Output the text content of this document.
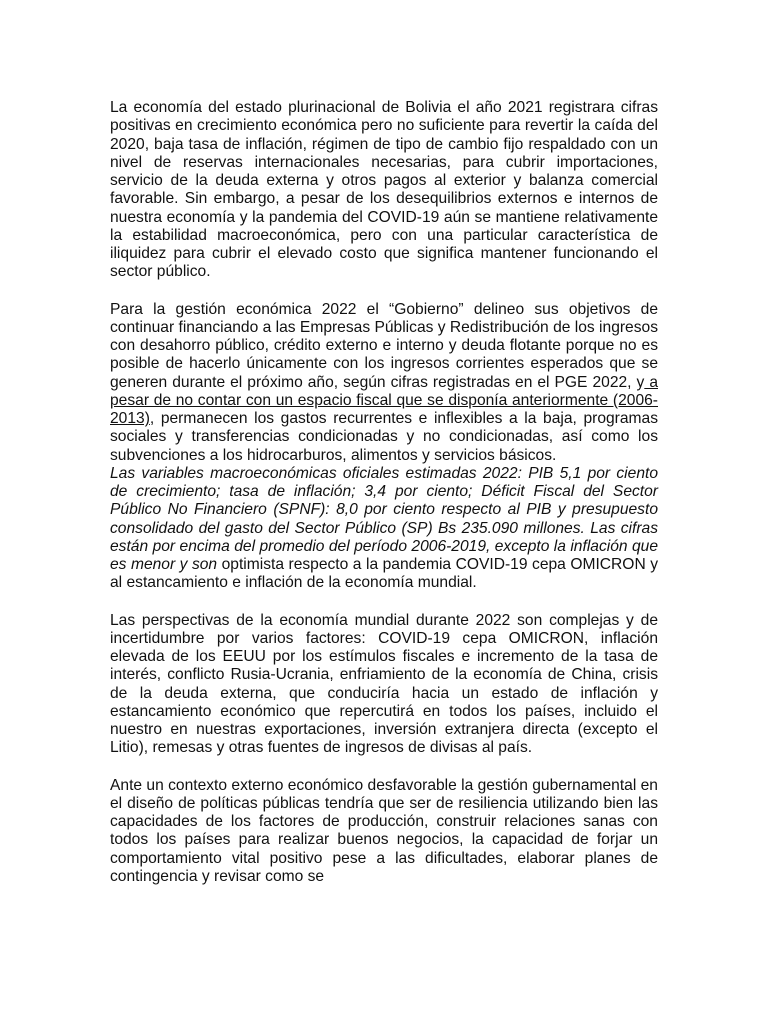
La economía del estado plurinacional de Bolivia el año 2021 registrara cifras positivas en crecimiento económica pero no suficiente para revertir la caída del 2020, baja tasa de inflación, régimen de tipo de cambio fijo respaldado con un nivel de reservas internacionales necesarias, para cubrir importaciones, servicio de la deuda externa y otros pagos al exterior y balanza comercial favorable. Sin embargo, a pesar de los desequilibrios externos e internos de nuestra economía y la pandemia del COVID-19 aún se mantiene relativamente la estabilidad macroeconómica, pero con una particular característica de iliquidez para cubrir el elevado costo que significa mantener funcionando el sector público.

Para la gestión económica 2022 el “Gobierno” delineo sus objetivos de continuar financiando a las Empresas Públicas y Redistribución de los ingresos con desahorro público, crédito externo e interno y deuda flotante porque no es posible de hacerlo únicamente con los ingresos corrientes esperados que se generen durante el próximo año, según cifras registradas en el PGE 2022, y a pesar de no contar con un espacio fiscal que se disponía anteriormente (2006-2013), permanecen los gastos recurrentes e inflexibles a la baja, programas sociales y transferencias condicionadas y no condicionadas, así como los subvenciones a los hidrocarburos, alimentos y servicios básicos.

Las variables macroeconómicas oficiales estimadas 2022: PIB 5,1 por ciento de crecimiento; tasa de inflación; 3,4 por ciento; Déficit Fiscal del Sector Público No Financiero (SPNF): 8,0 por ciento respecto al PIB y presupuesto consolidado del gasto del Sector Público (SP) Bs 235.090 millones. Las cifras están por encima del promedio del período 2006-2019, excepto la inflación que es menor y son optimista respecto a la pandemia COVID-19 cepa OMICRON y al estancamiento e inflación de la economía mundial.

Las perspectivas de la economía mundial durante 2022 son complejas y de incertidumbre por varios factores: COVID-19 cepa OMICRON, inflación elevada de los EEUU por los estímulos fiscales e incremento de la tasa de interés, conflicto Rusia-Ucrania, enfriamiento de la economía de China, crisis de la deuda externa, que conduciría hacia un estado de inflación y estancamiento económico que repercutirá en todos los países, incluido el nuestro en nuestras exportaciones, inversión extranjera directa (excepto el Litio), remesas y otras fuentes de ingresos de divisas al país.

Ante un contexto externo económico desfavorable la gestión gubernamental en el diseño de políticas públicas tendría que ser de resiliencia utilizando bien las capacidades de los factores de producción, construir relaciones sanas con todos los países para realizar buenos negocios, la capacidad de forjar un comportamiento vital positivo pese a las dificultades, elaborar planes de contingencia y revisar como se
